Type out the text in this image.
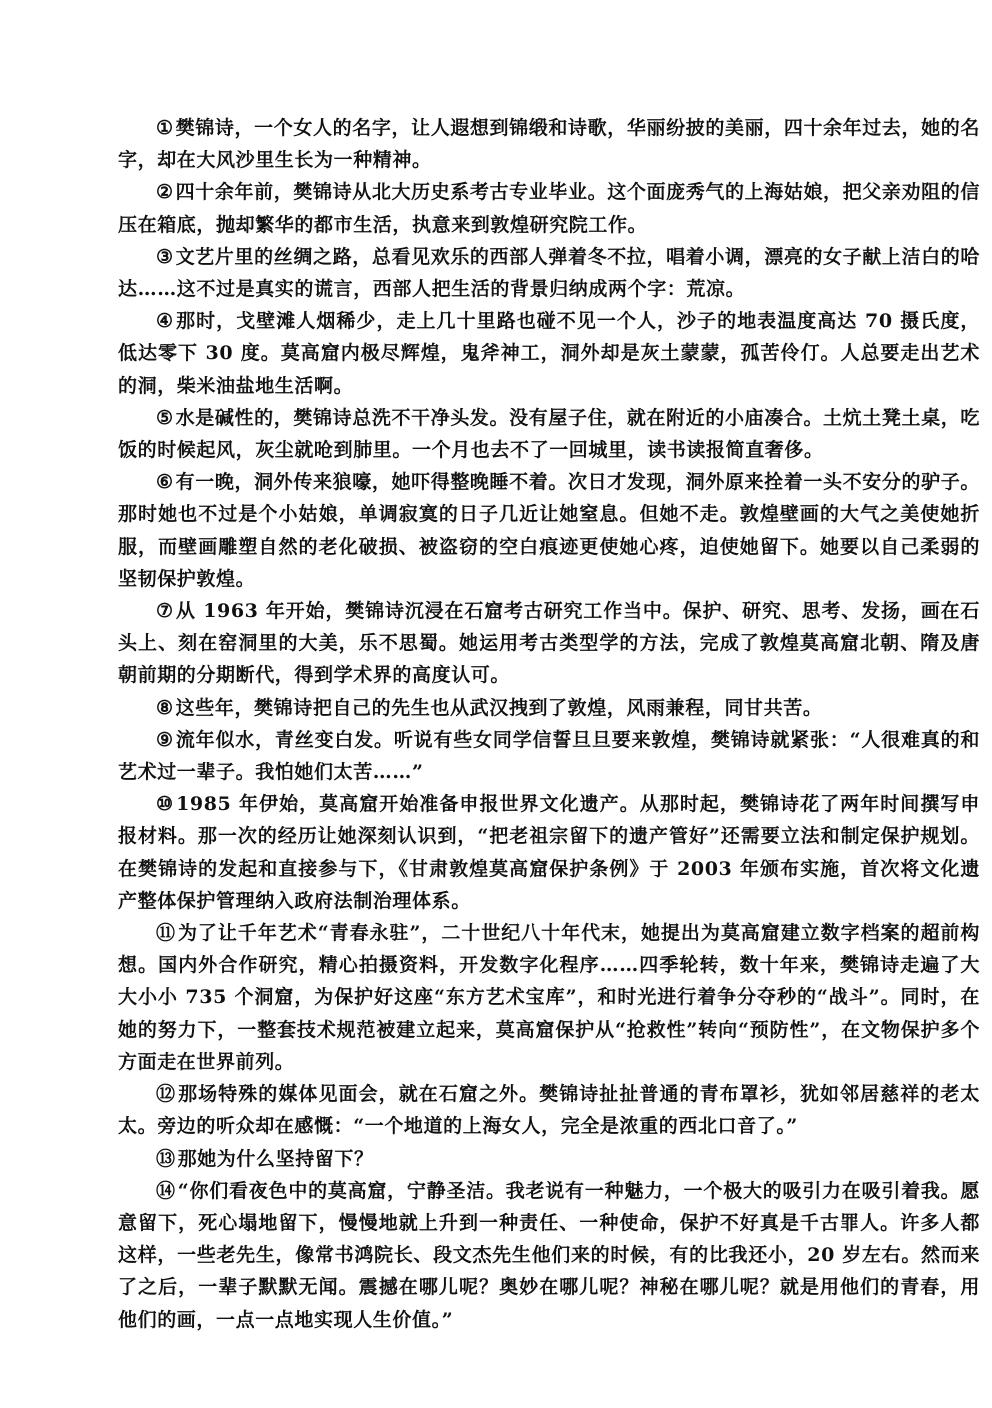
① 樊锦诗，一个女人的名字，让人遐想到锦缎和诗歌，华丽纷披的美丽，四十余年过去，她的名字，却在大风沙里生长为一种精神。

② 四十余年前，樊锦诗从北大历史系考古专业毕业。这个面庞秀气的上海姑娘，把父亲劝阻的信压在箱底，抛却繁华的都市生活，执意来到敦煌研究院工作。

③ 文艺片里的丝绸之路，总看见欢乐的西部人弹着冬不拉，唱着小调，漂亮的女子献上洁白的哈达……这不过是真实的谎言，西部人把生活的背景归纳成两个字：荒凉。

④ 那时，戈壁滩人烟稀少，走上几十里路也碰不见一个人，沙子的地表温度高达 70 摄氏度，低达零下 30 度。莫高窟内极尽辉煌，鬼斧神工，洞外却是灰土蒙蒙，孤苦伶仃。人总要走出艺术的洞，柴米油盐地生活啊。

⑤ 水是碱性的，樊锦诗总洗不干净头发。没有屋子住，就在附近的小庙凑合。土炕土凳土桌，吃饭的时候起风，灰尘就呛到肺里。一个月也去不了一回城里，读书读报简直奢侈。

⑥ 有一晚，洞外传来狼嚎，她吓得整晚睡不着。次日才发现，洞外原来拴着一头不安分的驴子。那时她也不过是个小姑娘，单调寂寞的日子几近让她窒息。但她不走。敦煌壁画的大气之美使她折服，而壁画雕塑自然的老化破损、被盗窃的空白痕迹更使她心疼，迫使她留下。她要以自己柔弱的坚韧保护敦煌。

⑦ 从 1963 年开始，樊锦诗沉浸在石窟考古研究工作当中。保护、研究、思考、发扬，画在石头上、刻在窑洞里的大美，乐不思蜀。她运用考古类型学的方法，完成了敦煌莫高窟北朝、隋及唐朝前期的分期断代，得到学术界的高度认可。

⑧ 这些年，樊锦诗把自己的先生也从武汉拽到了敦煌，风雨兼程，同甘共苦。

⑨ 流年似水，青丝变白发。听说有些女同学信誓旦旦要来敦煌，樊锦诗就紧张：“人很难真的和艺术过一辈子。我怕她们太苦……”

⑩ 1985 年伊始，莫高窟开始准备申报世界文化遗产。从那时起，樊锦诗花了两年时间撰写申报材料。那一次的经历让她深刻认识到，“把老祖宗留下的遗产管好”还需要立法和制定保护规划。在樊锦诗的发起和直接参与下，《甘肃敦煌莫高窟保护条例》于 2003 年颁布实施，首次将文化遗产整体保护管理纳入政府法制治理体系。

⑪ 为了让千年艺术“青春永驻”，二十世纪八十年代末，她提出为莫高窟建立数字档案的超前构想。国内外合作研究，精心拍摄资料，开发数字化程序……四季轮转，数十年来，樊锦诗走遍了大大小小 735 个洞窟，为保护好这座“东方艺术宝库”，和时光进行着争分夺秒的“战斗”。同时，在她的努力下，一整套技术规范被建立起来，莫高窟保护从“抢救性”转向“预防性”，在文物保护多个方面走在世界前列。

⑫ 那场特殊的媒体见面会，就在石窟之外。樊锦诗扯扯普通的青布罩衫，犹如邻居慈祥的老太太。旁边的听众却在感慨：“一个地道的上海女人，完全是浓重的西北口音了。”

⑬ 那她为什么坚持留下？

⑭ “你们看夜色中的莫高窟，宁静圣洁。我老说有一种魅力，一个极大的吸引力在吸引着我。愿意留下，死心塌地留下，慢慢地就上升到一种责任、一种使命，保护不好真是千古罪人。许多人都这样，一些老先生，像常书鸿院长、段文杰先生他们来的时候，有的比我还小，20 岁左右。然而来了之后，一辈子默默无闻。震撼在哪儿呢？奥妙在哪儿呢？神秘在哪儿呢？就是用他们的青春，用他们的画，一点一点地实现人生价值。”
